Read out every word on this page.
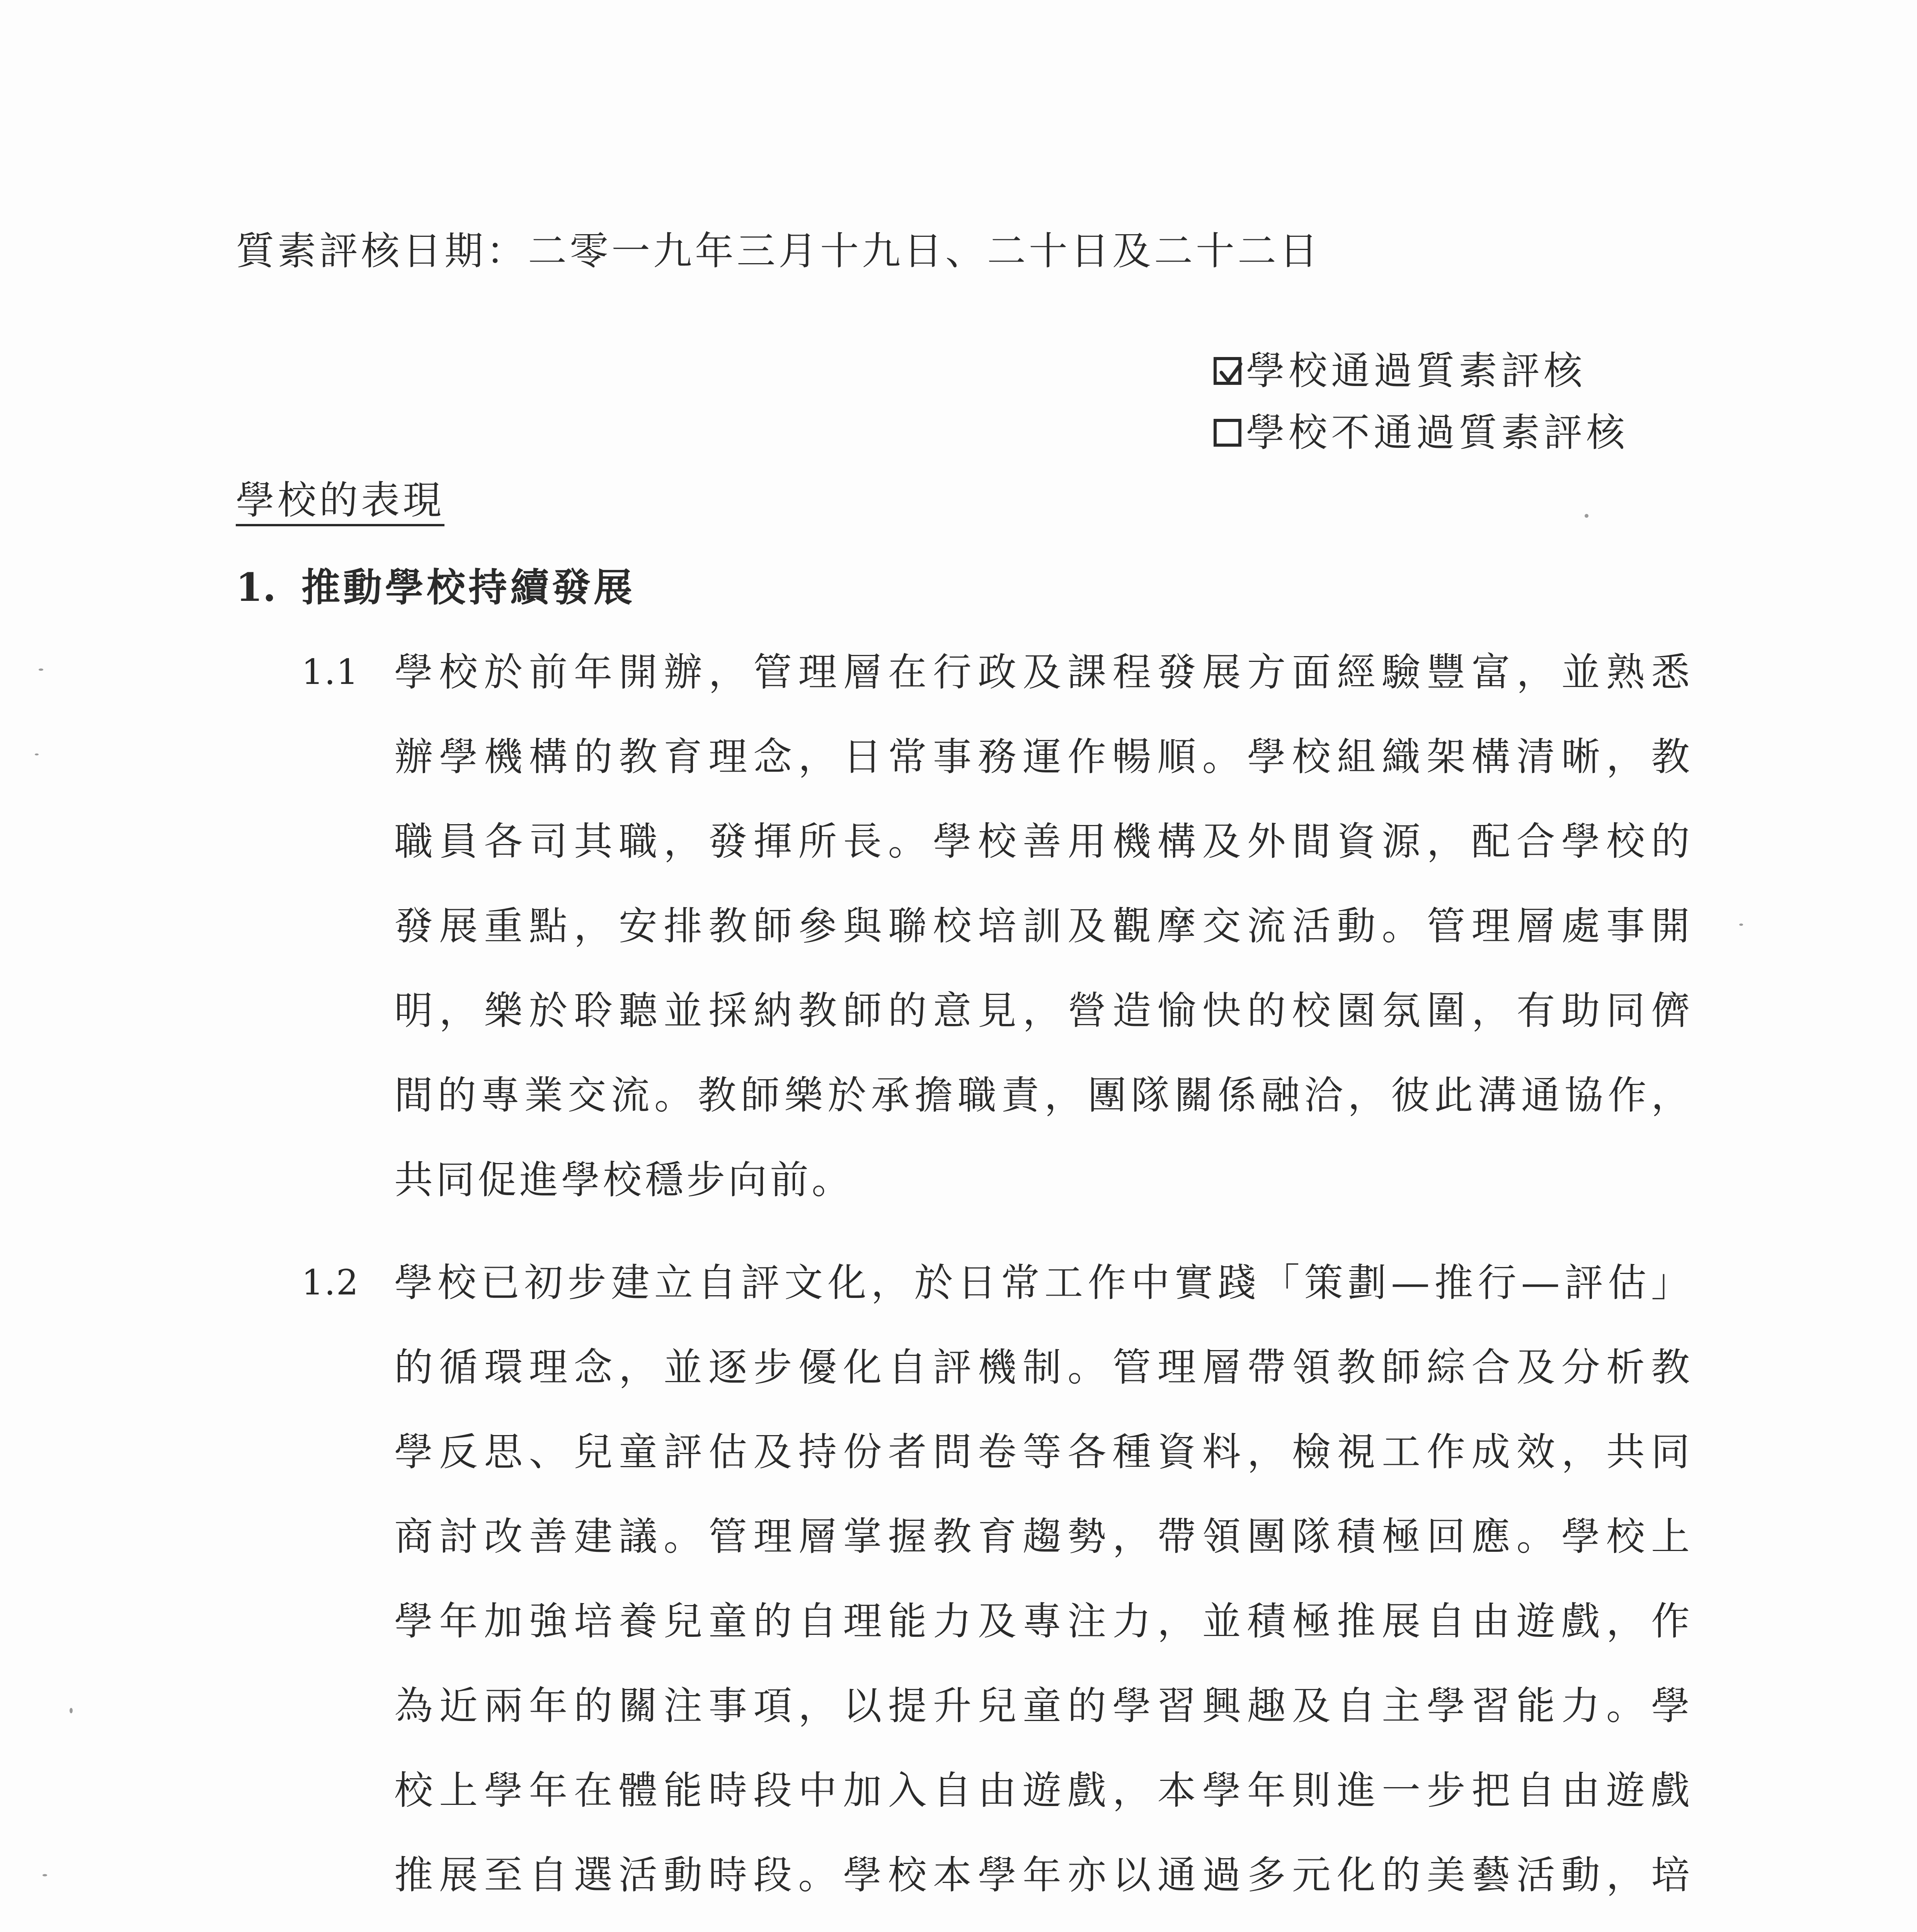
質素評核日期：二零一九年三月十九日、二十日及二十二日
學校通過質素評核
學校不通過質素評核
學校的表現
1. 推動學校持續發展
1.1 學校於前年開辦，管理層在行政及課程發展方面經驗豐富，並熟悉
辦學機構的教育理念，日常事務運作暢順。學校組織架構清晰，教
職員各司其職，發揮所長。學校善用機構及外間資源，配合學校的
發展重點，安排教師參與聯校培訓及觀摩交流活動。管理層處事開
明，樂於聆聽並採納教師的意見，營造愉快的校園氛圍，有助同儕
間的專業交流。教師樂於承擔職責，團隊關係融洽，彼此溝通協作，
共同促進學校穩步向前。
1.2 學校已初步建立自評文化，於日常工作中實踐「策劃—推行—評估」
的循環理念，並逐步優化自評機制。管理層帶領教師綜合及分析教
學反思、兒童評估及持份者問卷等各種資料，檢視工作成效，共同
商討改善建議。管理層掌握教育趨勢，帶領團隊積極回應。學校上
學年加強培養兒童的自理能力及專注力，並積極推展自由遊戲，作
為近兩年的關注事項，以提升兒童的學習興趣及自主學習能力。學
校上學年在體能時段中加入自由遊戲，本學年則進一步把自由遊戲
推展至自選活動時段。學校本學年亦以通過多元化的美藝活動，培
